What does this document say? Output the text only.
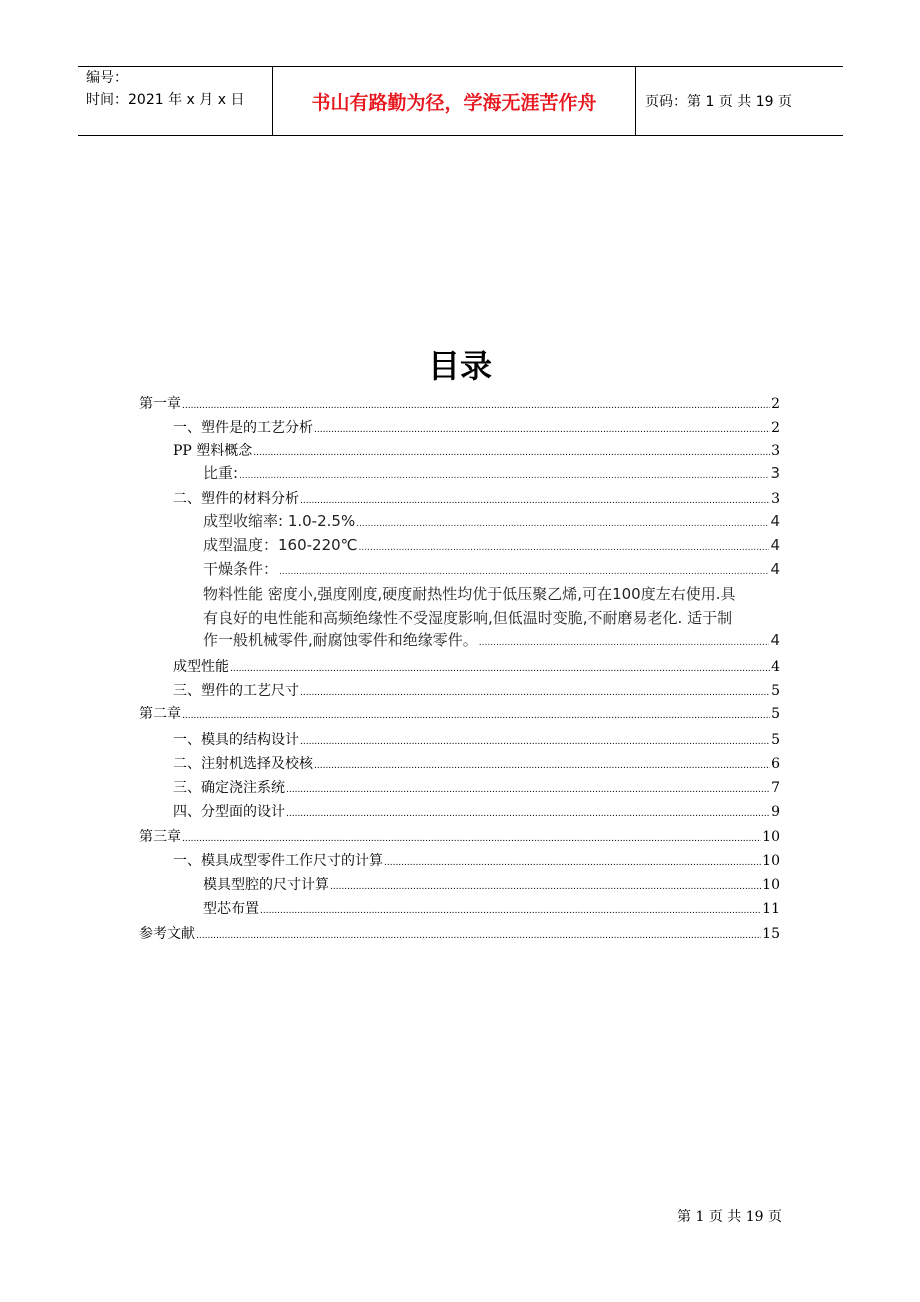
编号：
时间：2021 年 x 月 x 日	书山有路勤为径，学海无涯苦作舟	页码：第 1 页 共 19 页
目录
第一章 .....	2
一、塑件是的工艺分析 .....	2
PP 塑料概念 .....	3
比重: .....	3
二、塑件的材料分析 .....	3
成型收缩率: 1.0-2.5% .....	4
成型温度：160-220℃ .....	4
干燥条件： .....	4
物料性能 密度小,强度刚度,硬度耐热性均优于低压聚乙烯,可在100度左右使用.具
有良好的电性能和高频绝缘性不受湿度影响,但低温时变脆,不耐磨易老化. 适于制
作一般机械零件,耐腐蚀零件和绝缘零件。 .....	4
成型性能 .....	4
三、塑件的工艺尺寸 .....	5
第二章 .....	5
一、模具的结构设计 .....	5
二、注射机选择及校核 .....	6
三、确定浇注系统 .....	7
四、分型面的设计 .....	9
第三章 .....	10
一、模具成型零件工作尺寸的计算 .....	10
模具型腔的尺寸计算 .....	10
型芯布置 .....	11
参考文献 .....	15
第 1 页 共 19 页
